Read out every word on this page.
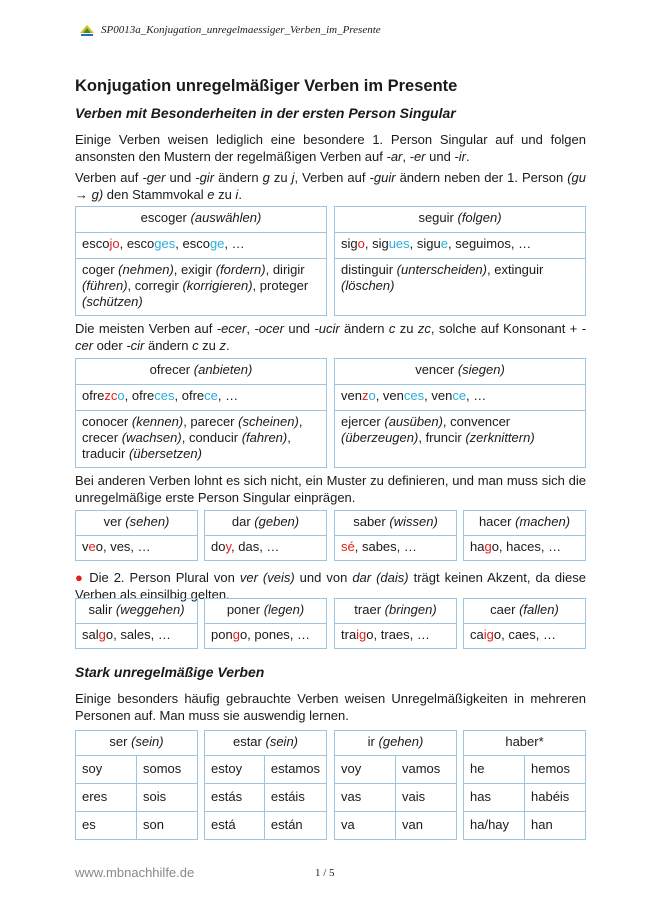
SP0013a_Konjugation_unregelmaessiger_Verben_im_Presente
Konjugation unregelmäßiger Verben im Presente
Verben mit Besonderheiten in der ersten Person Singular
Einige Verben weisen lediglich eine besondere 1. Person Singular auf und folgen ansonsten den Mustern der regelmäßigen Verben auf -ar, -er und -ir.
Verben auf -ger und -gir ändern g zu j, Verben auf -guir ändern neben der 1. Person (gu → g) den Stammvokal e zu i.
escoger (auswählen)
escojo, escoges, escoge, …
coger (nehmen), exigir (fordern), dirigir (führen), corregir (korrigieren), proteger (schützen)
seguir (folgen)
sigo, sigues, sigue, seguimos, …
distinguir (unterscheiden), extinguir (löschen)
Die meisten Verben auf -ecer, -ocer und -ucir ändern c zu zc, solche auf Konsonant + -cer oder -cir ändern c zu z.
ofrecer (anbieten)
ofrezco, ofreces, ofrece, …
conocer (kennen), parecer (scheinen), crecer (wachsen), conducir (fahren), traducir (übersetzen)
vencer (siegen)
venzo, vences, vence, …
ejercer (ausüben), convencer (überzeugen), fruncir (zerknittern)
Bei anderen Verben lohnt es sich nicht, ein Muster zu definieren, und man muss sich die unregelmäßige erste Person Singular einprägen.
ver (sehen)
veo, ves, …
dar (geben)
doy, das, …
saber (wissen)
sé, sabes, …
hacer (machen)
hago, haces, …
● Die 2. Person Plural von ver (veis) und von dar (dais) trägt keinen Akzent, da diese Verben als einsilbig gelten.
salir (weggehen)
salgo, sales, …
poner (legen)
pongo, pones, …
traer (bringen)
traigo, traes, …
caer (fallen)
caigo, caes, …
Stark unregelmäßige Verben
Einige besonders häufig gebrauchte Verben weisen Unregelmäßigkeiten in mehreren Personen auf. Man muss sie auswendig lernen.
ser (sein)	
soy	somos
eres	sois
es	son
estar (sein)	
estoy	estamos
estás	estáis
está	están
ir (gehen)	
voy	vamos
vas	vais
va	van
haber*	
he	hemos
has	habéis
ha/hay	han
www.mbnachhilfe.de	1 / 5
